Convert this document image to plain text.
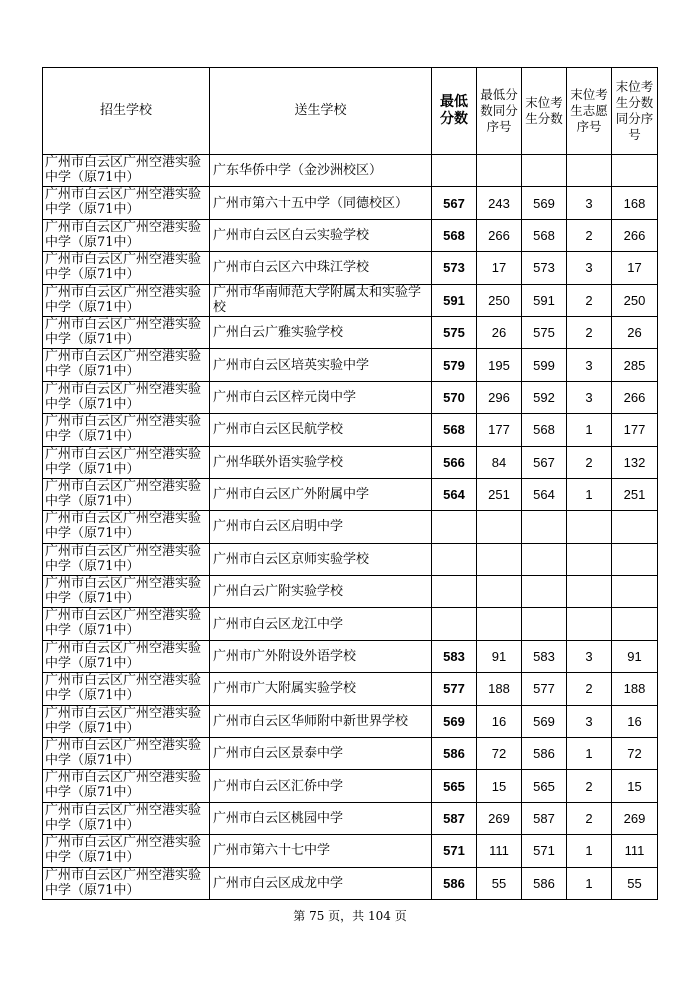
招生学校	送生学校	最低分数	最低分数同分序号	末位考生分数	末位考生志愿序号	末位考生分数同分序号
广州市白云区广州空港实验中学（原71中）	广东华侨中学（金沙洲校区）					
广州市白云区广州空港实验中学（原71中）	广州市第六十五中学（同德校区）	567	243	569	3	168
广州市白云区广州空港实验中学（原71中）	广州市白云区白云实验学校	568	266	568	2	266
广州市白云区广州空港实验中学（原71中）	广州市白云区六中珠江学校	573	17	573	3	17
广州市白云区广州空港实验中学（原71中）	广州市华南师范大学附属太和实验学校	591	250	591	2	250
广州市白云区广州空港实验中学（原71中）	广州白云广雅实验学校	575	26	575	2	26
广州市白云区广州空港实验中学（原71中）	广州市白云区培英实验中学	579	195	599	3	285
广州市白云区广州空港实验中学（原71中）	广州市白云区梓元岗中学	570	296	592	3	266
广州市白云区广州空港实验中学（原71中）	广州市白云区民航学校	568	177	568	1	177
广州市白云区广州空港实验中学（原71中）	广州华联外语实验学校	566	84	567	2	132
广州市白云区广州空港实验中学（原71中）	广州市白云区广外附属中学	564	251	564	1	251
广州市白云区广州空港实验中学（原71中）	广州市白云区启明中学					
广州市白云区广州空港实验中学（原71中）	广州市白云区京师实验学校					
广州市白云区广州空港实验中学（原71中）	广州白云广附实验学校					
广州市白云区广州空港实验中学（原71中）	广州市白云区龙江中学					
广州市白云区广州空港实验中学（原71中）	广州市广外附设外语学校	583	91	583	3	91
广州市白云区广州空港实验中学（原71中）	广州市广大附属实验学校	577	188	577	2	188
广州市白云区广州空港实验中学（原71中）	广州市白云区华师附中新世界学校	569	16	569	3	16
广州市白云区广州空港实验中学（原71中）	广州市白云区景泰中学	586	72	586	1	72
广州市白云区广州空港实验中学（原71中）	广州市白云区汇侨中学	565	15	565	2	15
广州市白云区广州空港实验中学（原71中）	广州市白云区桃园中学	587	269	587	2	269
广州市白云区广州空港实验中学（原71中）	广州市第六十七中学	571	111	571	1	111
广州市白云区广州空港实验中学（原71中）	广州市白云区成龙中学	586	55	586	1	55
第 75 页，共 104 页
